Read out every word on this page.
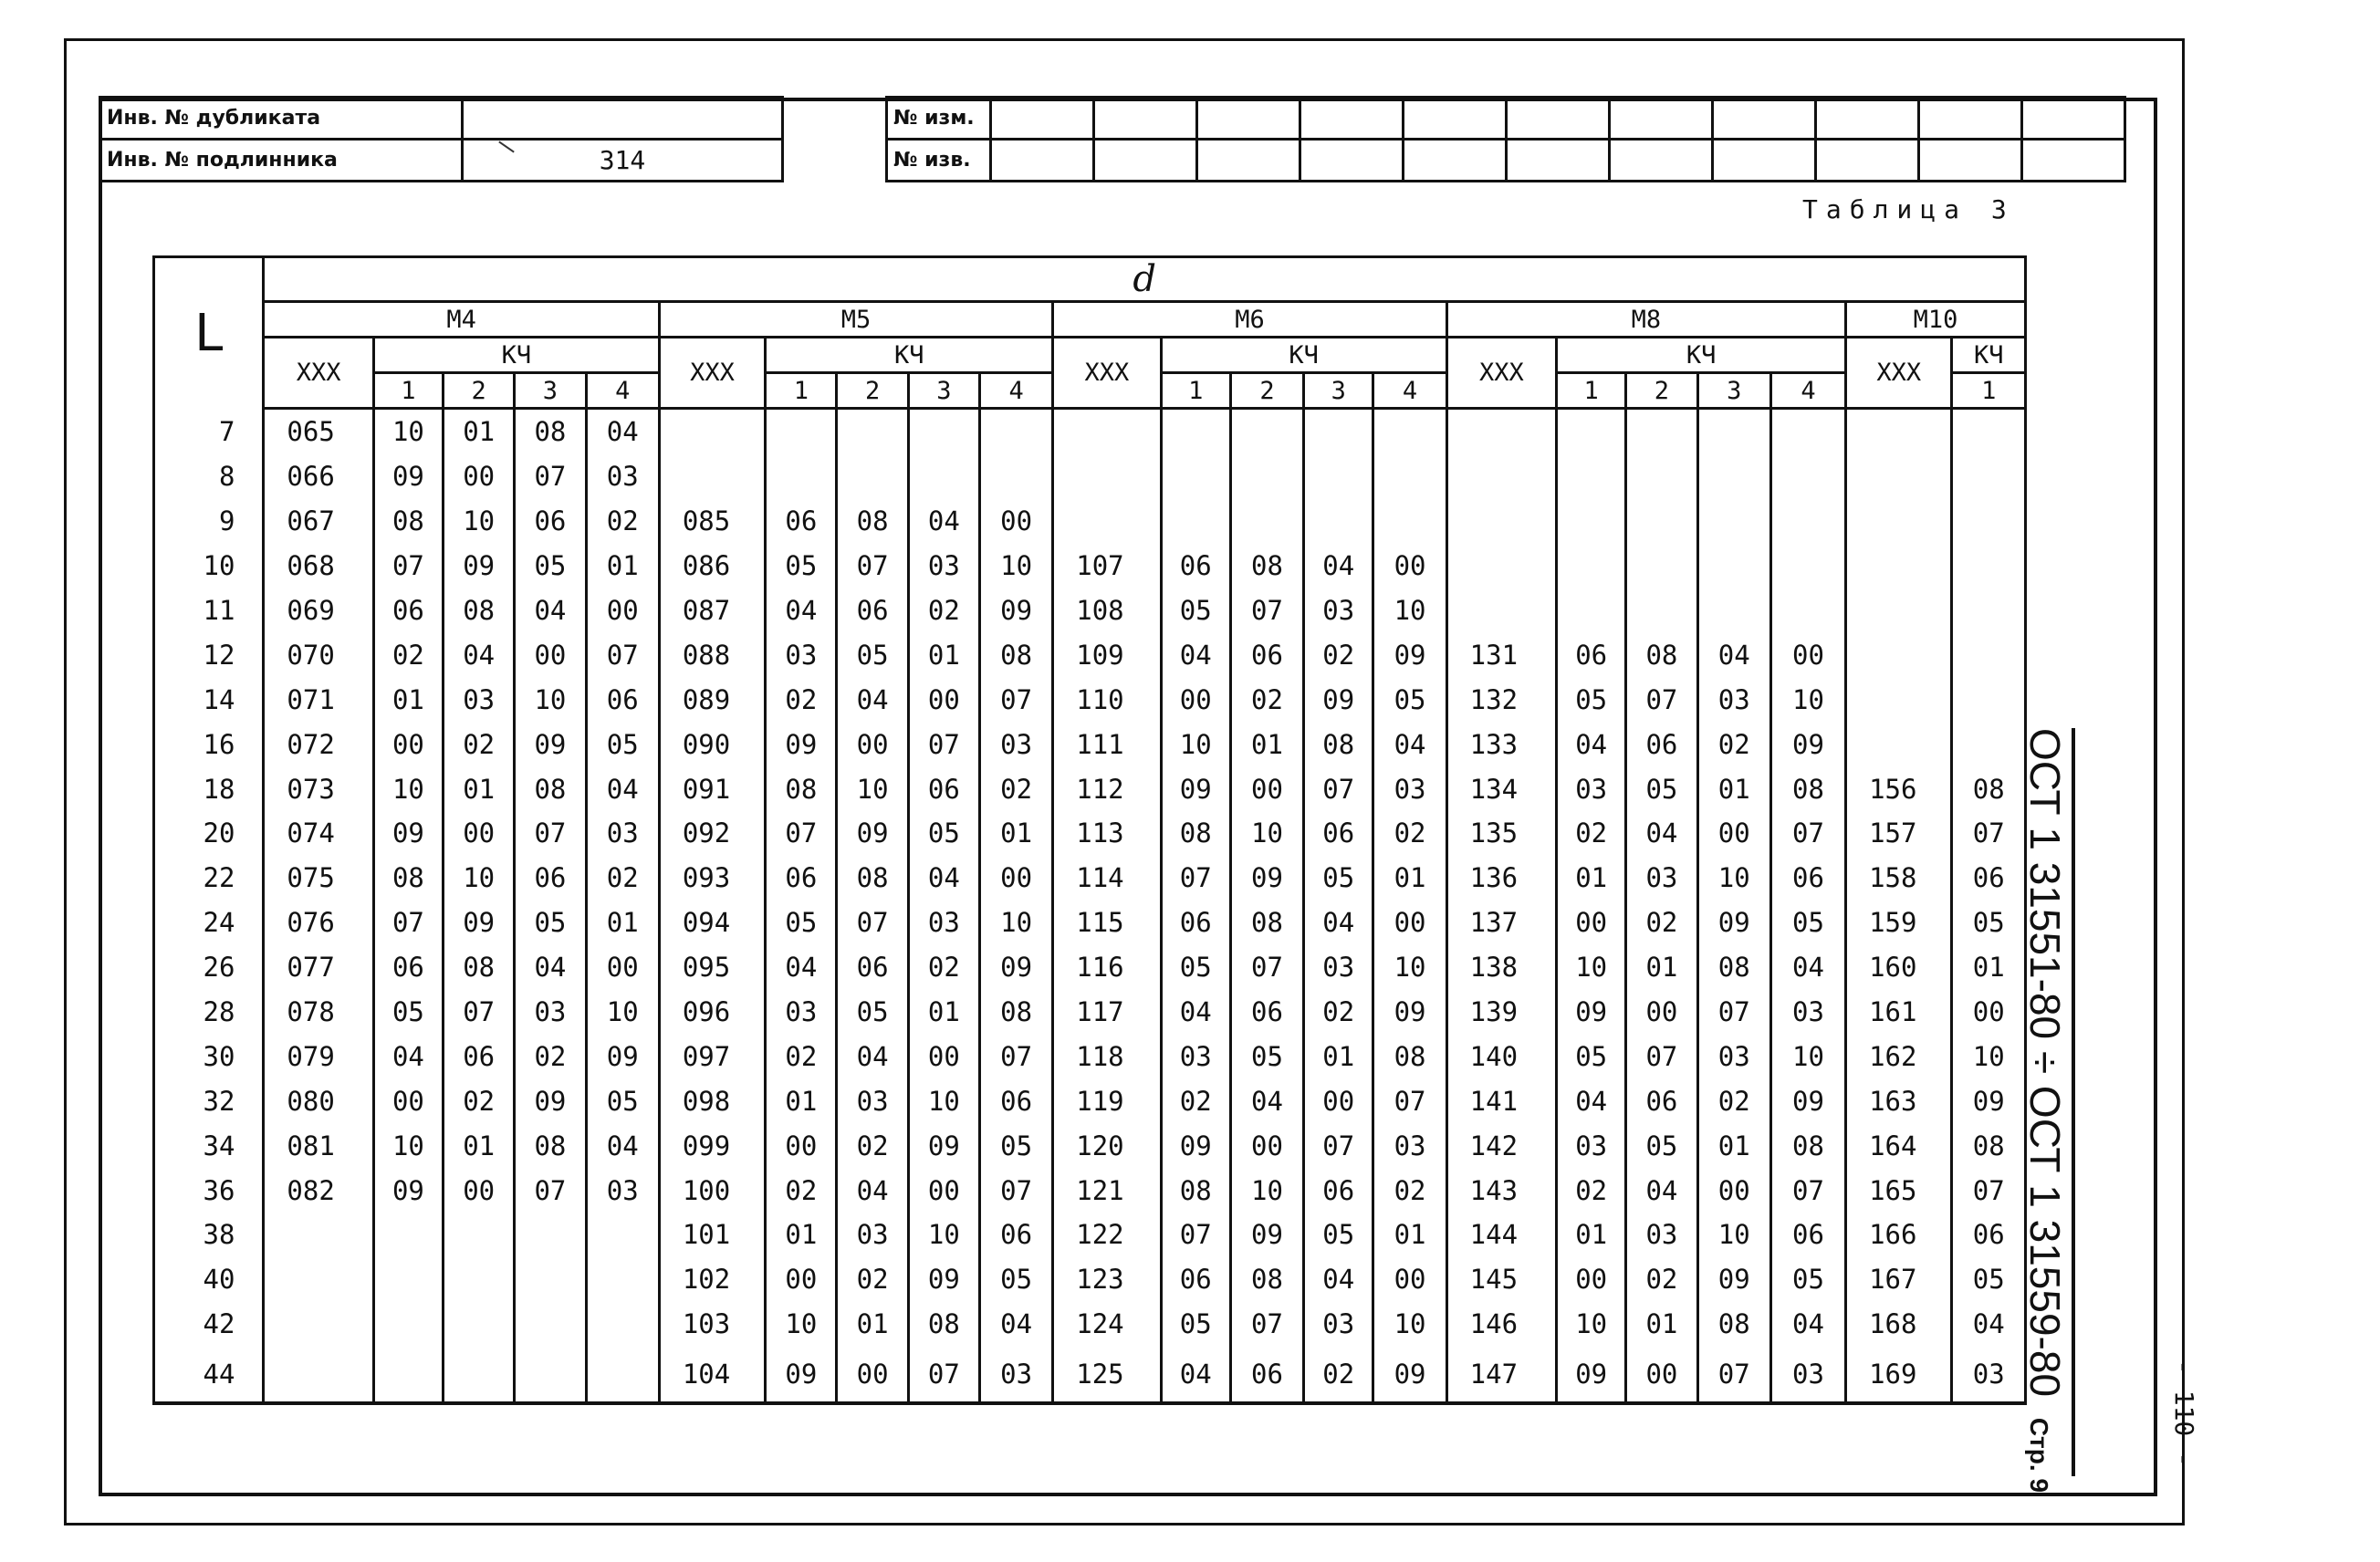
Инв. № дубликата	
Инв. № подлинника	314
№ изм.											
№ изв.											
Таблица 3
L	d																					
	M4					M5					M6					M8					M10	
	XXX	КЧ				XXX	КЧ				XXX	КЧ				XXX	КЧ				XXX	КЧ
		1	2	3	4		1	2	3	4		1	2	3	4		1	2	3	4		1
7	065	10	01	08	04																	
8	066	09	00	07	03																	
9	067	08	10	06	02	085	06	08	04	00												
10	068	07	09	05	01	086	05	07	03	10	107	06	08	04	00							
11	069	06	08	04	00	087	04	06	02	09	108	05	07	03	10							
12	070	02	04	00	07	088	03	05	01	08	109	04	06	02	09	131	06	08	04	00		
14	071	01	03	10	06	089	02	04	00	07	110	00	02	09	05	132	05	07	03	10		
16	072	00	02	09	05	090	09	00	07	03	111	10	01	08	04	133	04	06	02	09		
18	073	10	01	08	04	091	08	10	06	02	112	09	00	07	03	134	03	05	01	08	156	08
20	074	09	00	07	03	092	07	09	05	01	113	08	10	06	02	135	02	04	00	07	157	07
22	075	08	10	06	02	093	06	08	04	00	114	07	09	05	01	136	01	03	10	06	158	06
24	076	07	09	05	01	094	05	07	03	10	115	06	08	04	00	137	00	02	09	05	159	05
26	077	06	08	04	00	095	04	06	02	09	116	05	07	03	10	138	10	01	08	04	160	01
28	078	05	07	03	10	096	03	05	01	08	117	04	06	02	09	139	09	00	07	03	161	00
30	079	04	06	02	09	097	02	04	00	07	118	03	05	01	08	140	05	07	03	10	162	10
32	080	00	02	09	05	098	01	03	10	06	119	02	04	00	07	141	04	06	02	09	163	09
34	081	10	01	08	04	099	00	02	09	05	120	09	00	07	03	142	03	05	01	08	164	08
36	082	09	00	07	03	100	02	04	00	07	121	08	10	06	02	143	02	04	00	07	165	07
38						101	01	03	10	06	122	07	09	05	01	144	01	03	10	06	166	06
40						102	00	02	09	05	123	06	08	04	00	145	00	02	09	05	167	05
42						103	10	01	08	04	124	05	07	03	10	146	10	01	08	04	168	04
44						104	09	00	07	03	125	04	06	02	09	147	09	00	07	03	169	03 ОСТ 1 31551-80 ÷ ОСТ 1 31559-80 Стр. 9	- 110 -
